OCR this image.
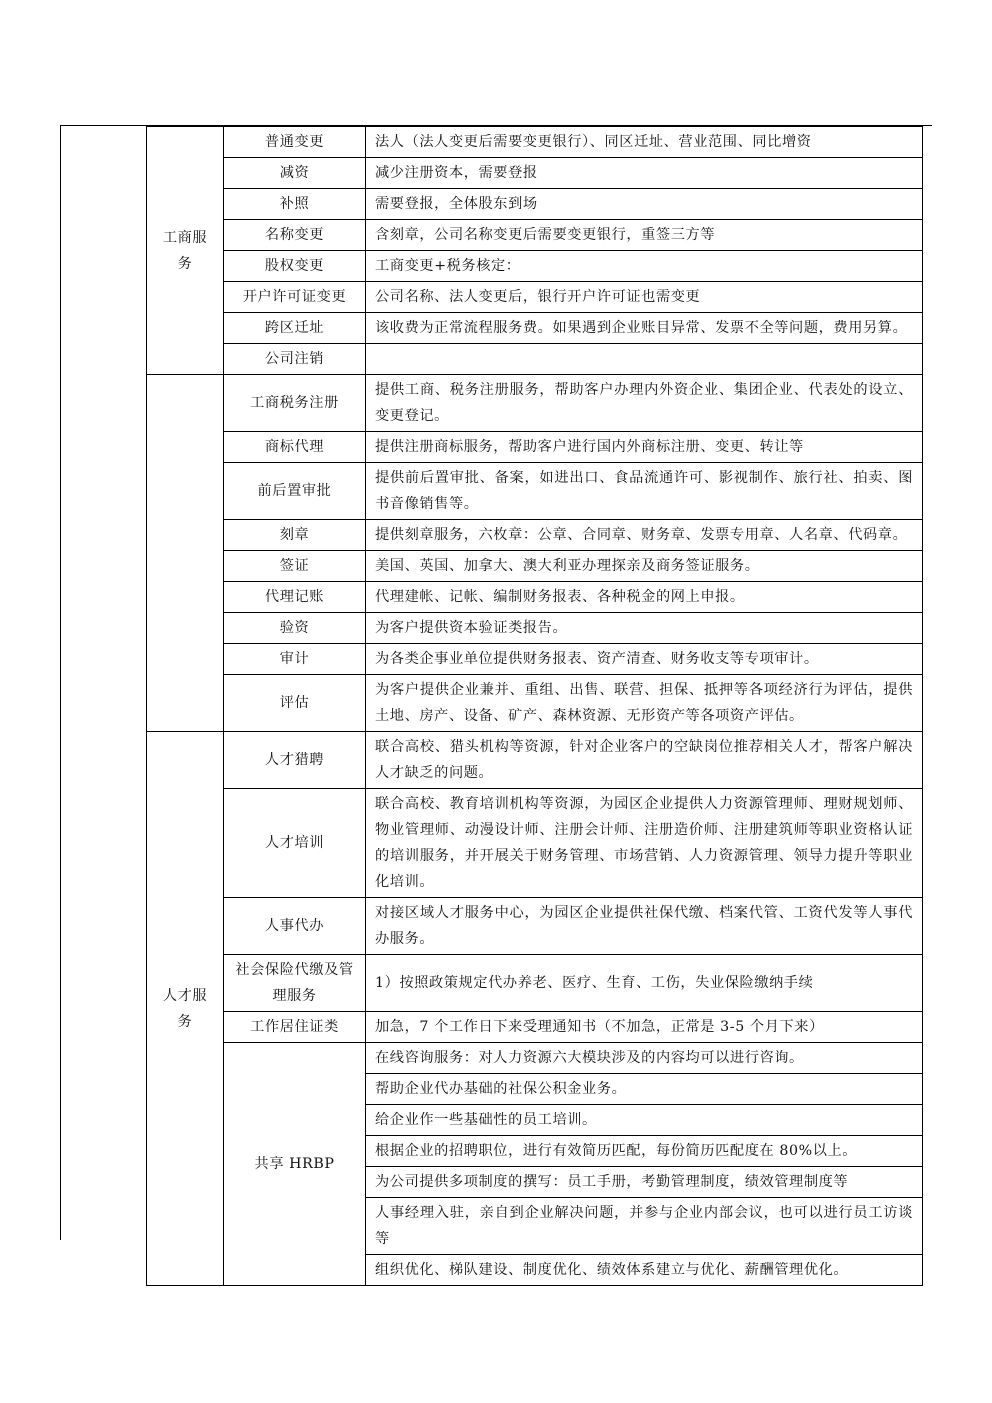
工商服务	普通变更	法人（法人变更后需要变更银行）、同区迁址、营业范围、同比增资
	减资	减少注册资本，需要登报
	补照	需要登报，全体股东到场
	名称变更	含刻章，公司名称变更后需要变更银行，重签三方等
	股权变更	工商变更+税务核定：
	开户许可证变更	公司名称、法人变更后，银行开户许可证也需变更
	跨区迁址	该收费为正常流程服务费。如果遇到企业账目异常、发票不全等问题，费用另算。
	公司注销	
	工商税务注册	提供工商、税务注册服务，帮助客户办理内外资企业、集团企业、代表处的设立、变更登记。
	商标代理	提供注册商标服务，帮助客户进行国内外商标注册、变更、转让等
	前后置审批	提供前后置审批、备案，如进出口、食品流通许可、影视制作、旅行社、拍卖、图书音像销售等。
	刻章	提供刻章服务，六枚章：公章、合同章、财务章、发票专用章、人名章、代码章。
	签证	美国、英国、加拿大、澳大利亚办理探亲及商务签证服务。
	代理记账	代理建帐、记帐、编制财务报表、各种税金的网上申报。
	验资	为客户提供资本验证类报告。
	审计	为各类企事业单位提供财务报表、资产清查、财务收支等专项审计。
	评估	为客户提供企业兼并、重组、出售、联营、担保、抵押等各项经济行为评估，提供土地、房产、设备、矿产、森林资源、无形资产等各项资产评估。
人才服务	人才猎聘	联合高校、猎头机构等资源，针对企业客户的空缺岗位推荐相关人才，帮客户解决人才缺乏的问题。
	人才培训	联合高校、教育培训机构等资源，为园区企业提供人力资源管理师、理财规划师、物业管理师、动漫设计师、注册会计师、注册造价师、注册建筑师等职业资格认证的培训服务，并开展关于财务管理、市场营销、人力资源管理、领导力提升等职业化培训。
	人事代办	对接区域人才服务中心，为园区企业提供社保代缴、档案代管、工资代发等人事代办服务。
	社会保险代缴及管理服务	1）按照政策规定代办养老、医疗、生育、工伤，失业保险缴纳手续
	工作居住证类	加急，7 个工作日下来受理通知书（不加急，正常是 3-5 个月下来）
	共享 HRBP	在线咨询服务：对人力资源六大模块涉及的内容均可以进行咨询。
		帮助企业代办基础的社保公积金业务。
		给企业作一些基础性的员工培训。
		根据企业的招聘职位，进行有效简历匹配，每份简历匹配度在 80%以上。
		为公司提供多项制度的撰写：员工手册，考勤管理制度，绩效管理制度等
		人事经理入驻，亲自到企业解决问题，并参与企业内部会议，也可以进行员工访谈等
		组织优化、梯队建设、制度优化、绩效体系建立与优化、薪酬管理优化。
